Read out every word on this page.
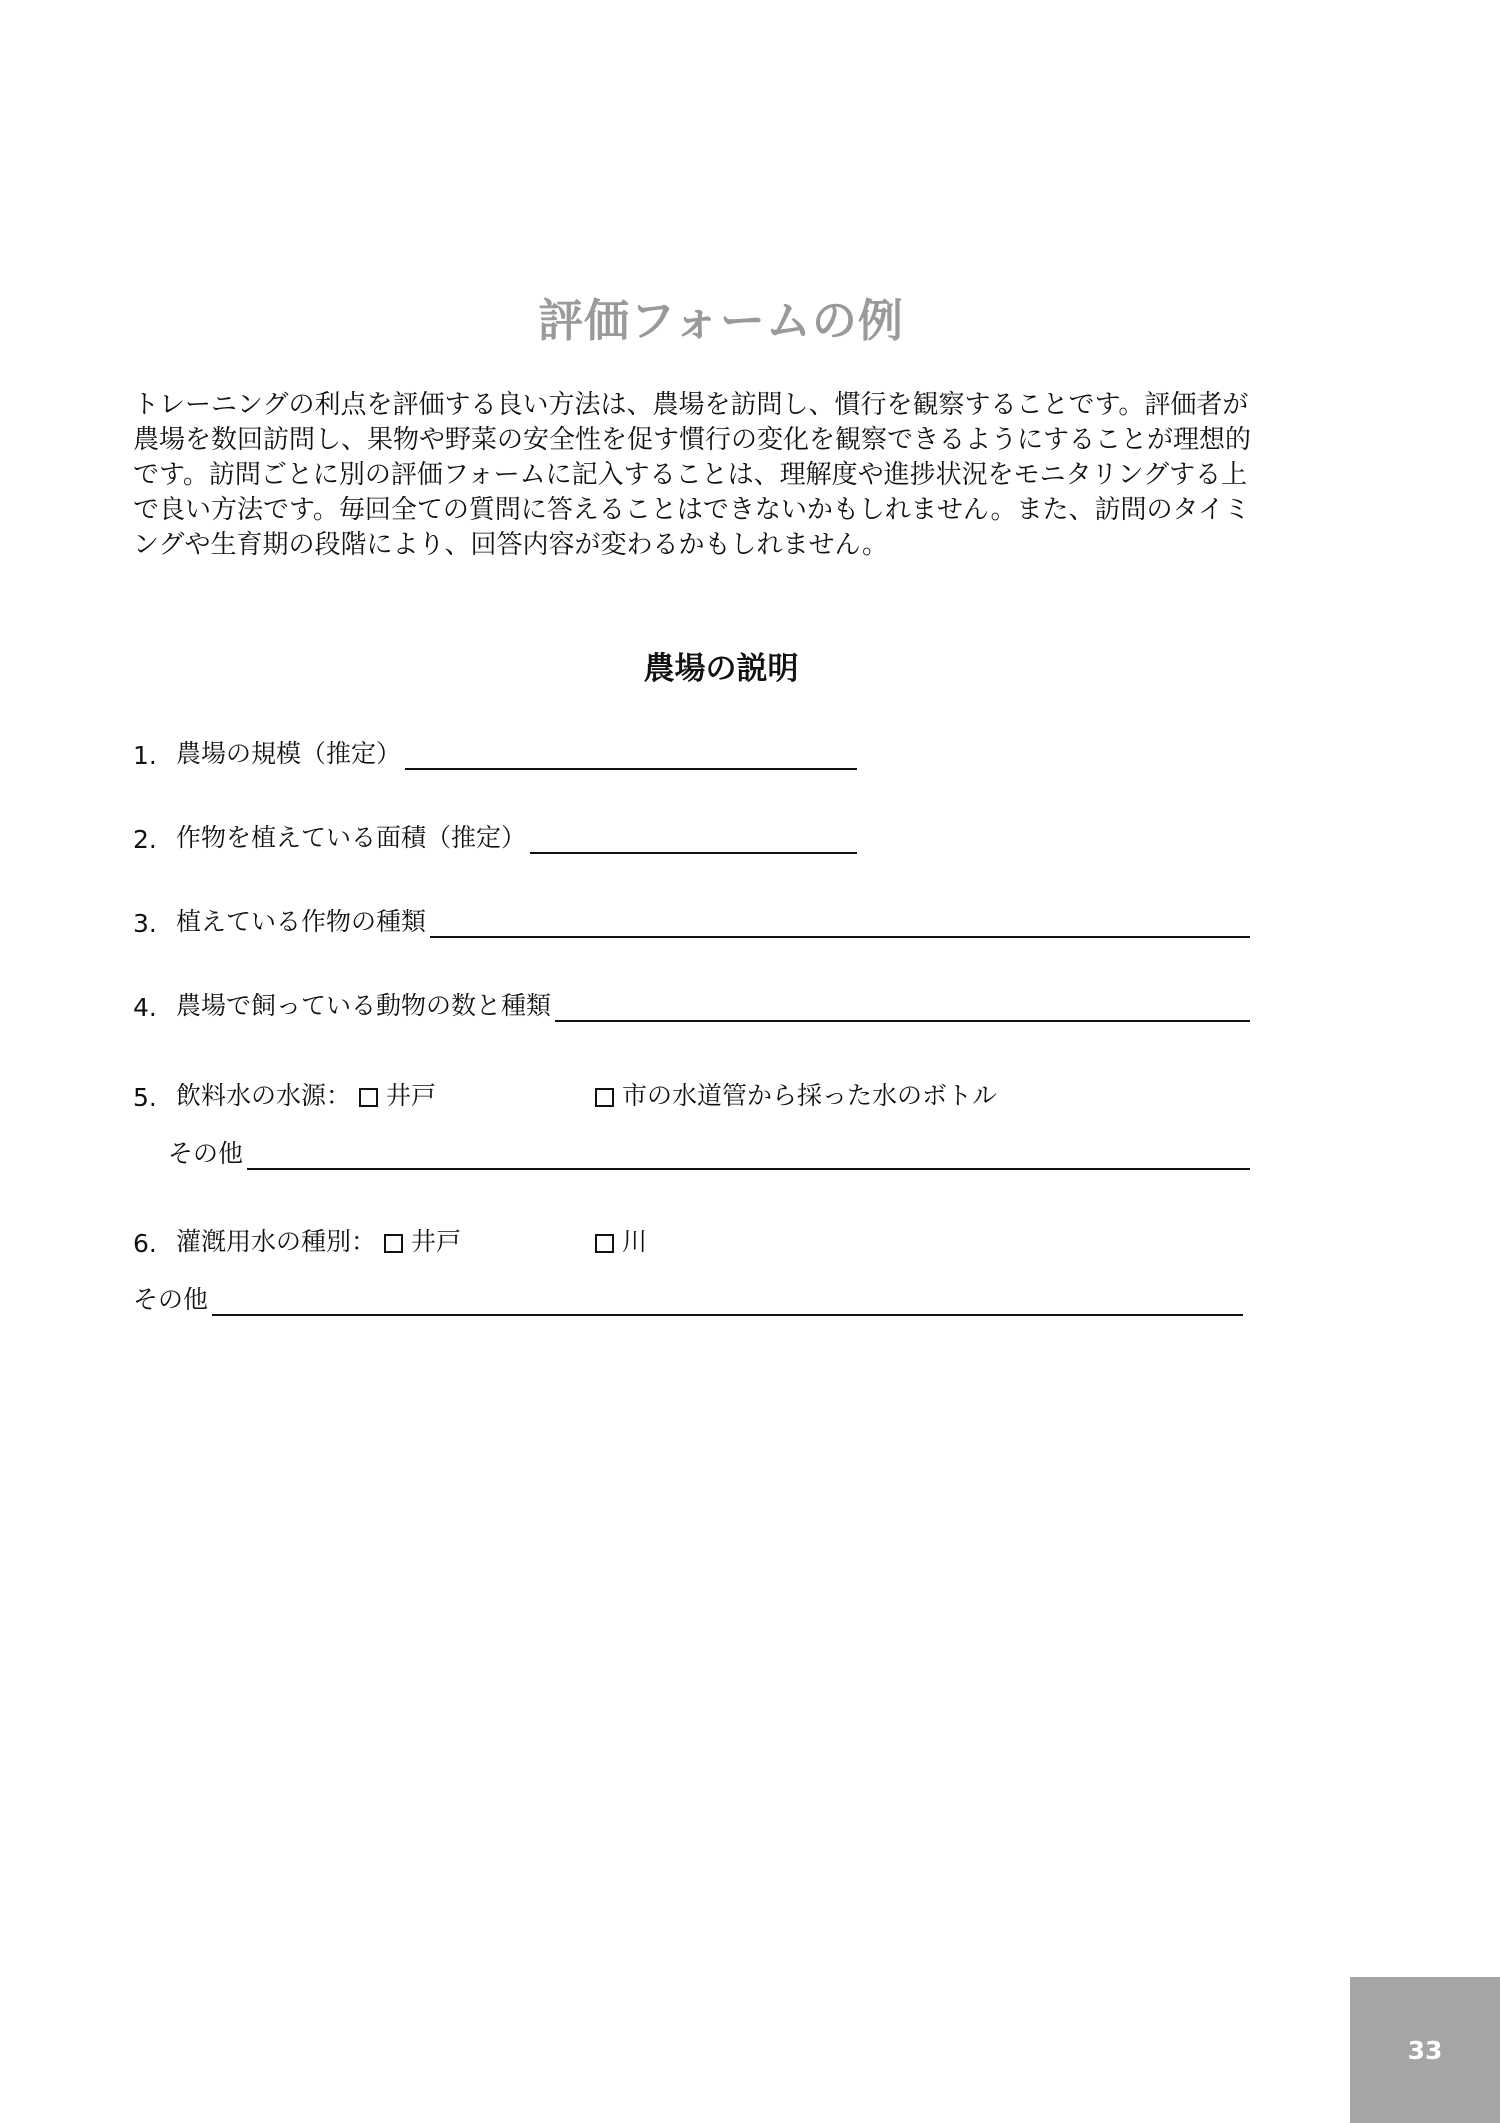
評価フォームの例

トレーニングの利点を評価する良い方法は、農場を訪問し、慣行を観察することです。評価者が農場を数回訪問し、果物や野菜の安全性を促す慣行の変化を観察できるようにすることが理想的です。訪問ごとに別の評価フォームに記入することは、理解度や進捗状況をモニタリングする上で良い方法です。毎回全ての質問に答えることはできないかもしれません。また、訪問のタイミングや生育期の段階により、回答内容が変わるかもしれません。

農場の説明
1. 農場の規模（推定）
2. 作物を植えている面積（推定）
3. 植えている作物の種類
4. 農場で飼っている動物の数と種類
5. 飲料水の水源： 井戸	市の水道管から採った水のボトル
その他
6. 灌漑用水の種別： 井戸	川
その他
33
